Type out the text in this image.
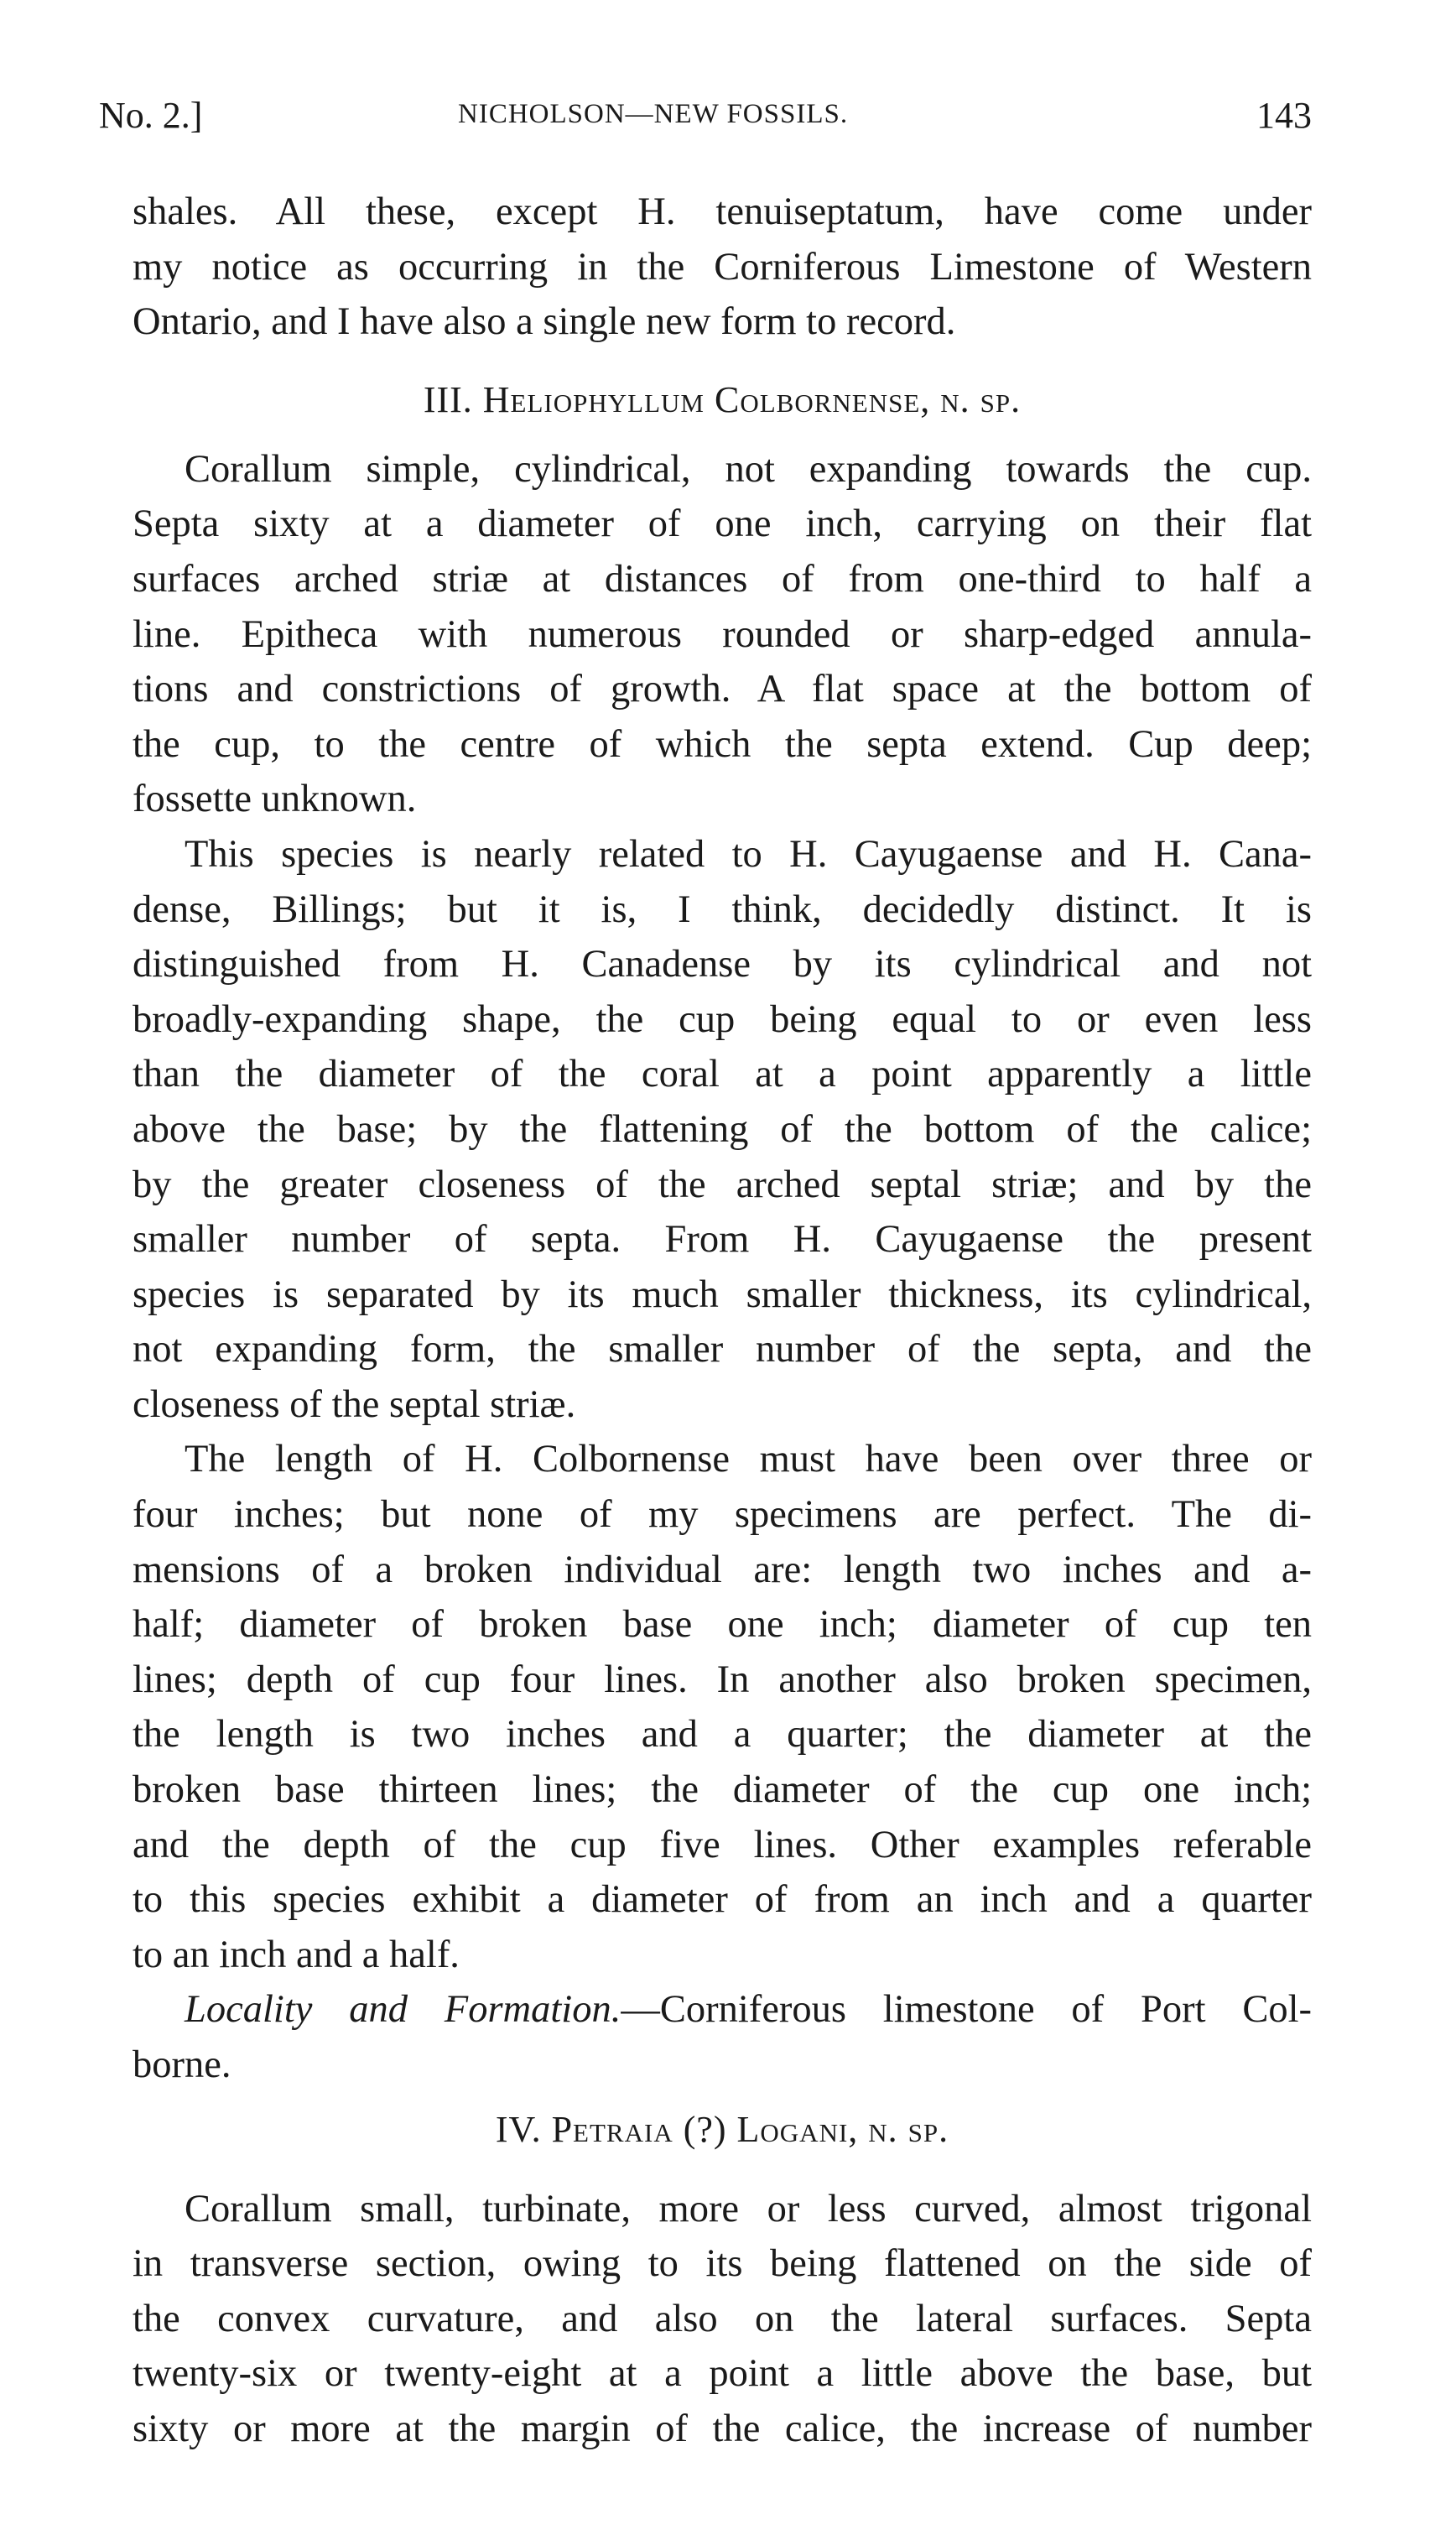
No. 2.]	NICHOLSON—NEW FOSSILS.	143
shales. All these, except H. tenuiseptatum, have come under
my notice as occurring in the Corniferous Limestone of Western
Ontario, and I have also a single new form to record.
III. Heliophyllum Colbornense, n. sp.
Corallum simple, cylindrical, not expanding towards the cup.
Septa sixty at a diameter of one inch, carrying on their flat
surfaces arched striæ at distances of from one-third to half a
line. Epitheca with numerous rounded or sharp-edged annula-
tions and constrictions of growth. A flat space at the bottom of
the cup, to the centre of which the septa extend. Cup deep;
fossette unknown.
This species is nearly related to H. Cayugaense and H. Cana-
dense, Billings; but it is, I think, decidedly distinct. It is
distinguished from H. Canadense by its cylindrical and not
broadly-expanding shape, the cup being equal to or even less
than the diameter of the coral at a point apparently a little
above the base; by the flattening of the bottom of the calice;
by the greater closeness of the arched septal striæ; and by the
smaller number of septa. From H. Cayugaense the present
species is separated by its much smaller thickness, its cylindrical,
not expanding form, the smaller number of the septa, and the
closeness of the septal striæ.
The length of H. Colbornense must have been over three or
four inches; but none of my specimens are perfect. The di-
mensions of a broken individual are: length two inches and a-
half; diameter of broken base one inch; diameter of cup ten
lines; depth of cup four lines. In another also broken specimen,
the length is two inches and a quarter; the diameter at the
broken base thirteen lines; the diameter of the cup one inch;
and the depth of the cup five lines. Other examples referable
to this species exhibit a diameter of from an inch and a quarter
to an inch and a half.
Locality and Formation.—Corniferous limestone of Port Col-
borne.
IV. Petraia (?) Logani, n. sp.
Corallum small, turbinate, more or less curved, almost trigonal
in transverse section, owing to its being flattened on the side of
the convex curvature, and also on the lateral surfaces. Septa
twenty-six or twenty-eight at a point a little above the base, but
sixty or more at the margin of the calice, the increase of number
